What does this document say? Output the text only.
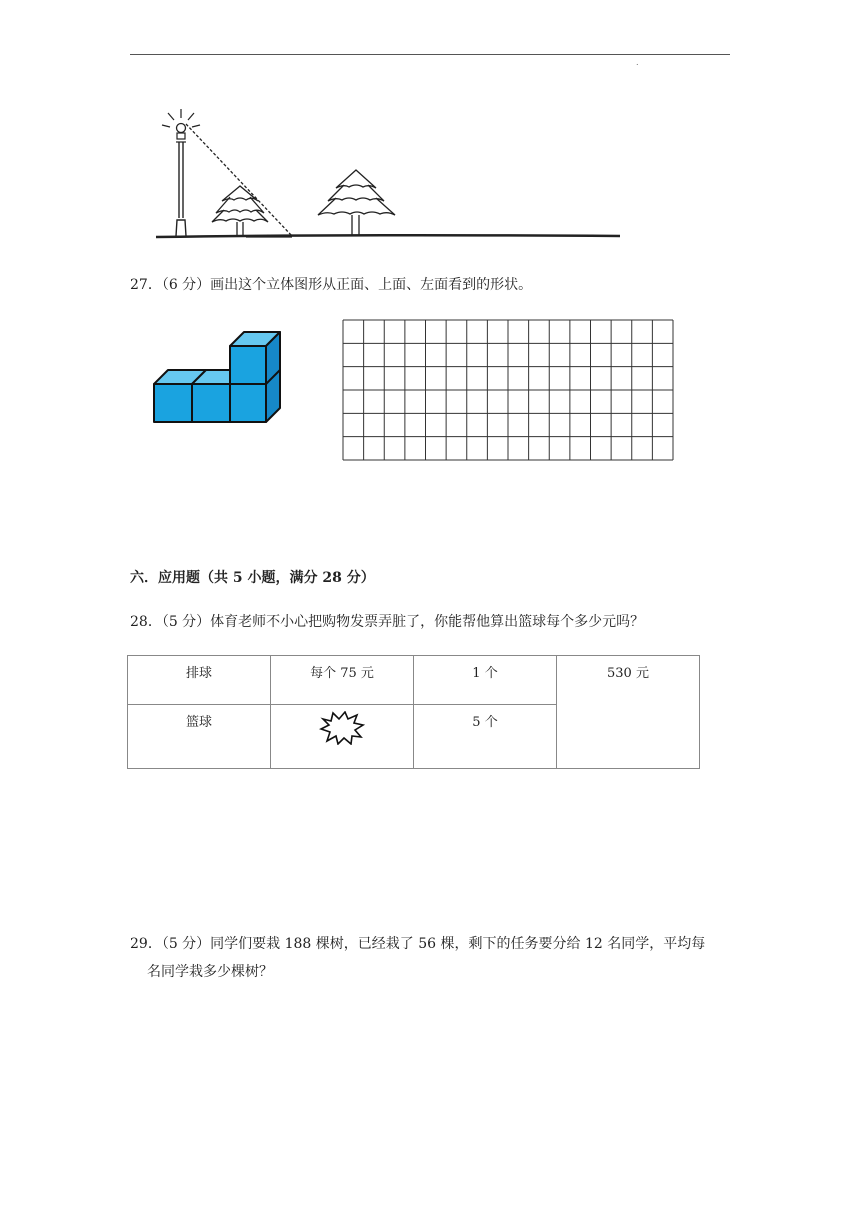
.
27．（6 分）画出这个立体图形从正面、上面、左面看到的形状。
六．应用题（共 5 小题，满分 28 分）
28．（5 分）体育老师不小心把购物发票弄脏了，你能帮他算出篮球每个多少元吗？
排球	每个 75 元	1 个	530 元
篮球		5 个	
29．（5 分）同学们要栽 188 棵树，已经栽了 56 棵，剩下的任务要分给 12 名同学，平均每
名同学栽多少棵树？
